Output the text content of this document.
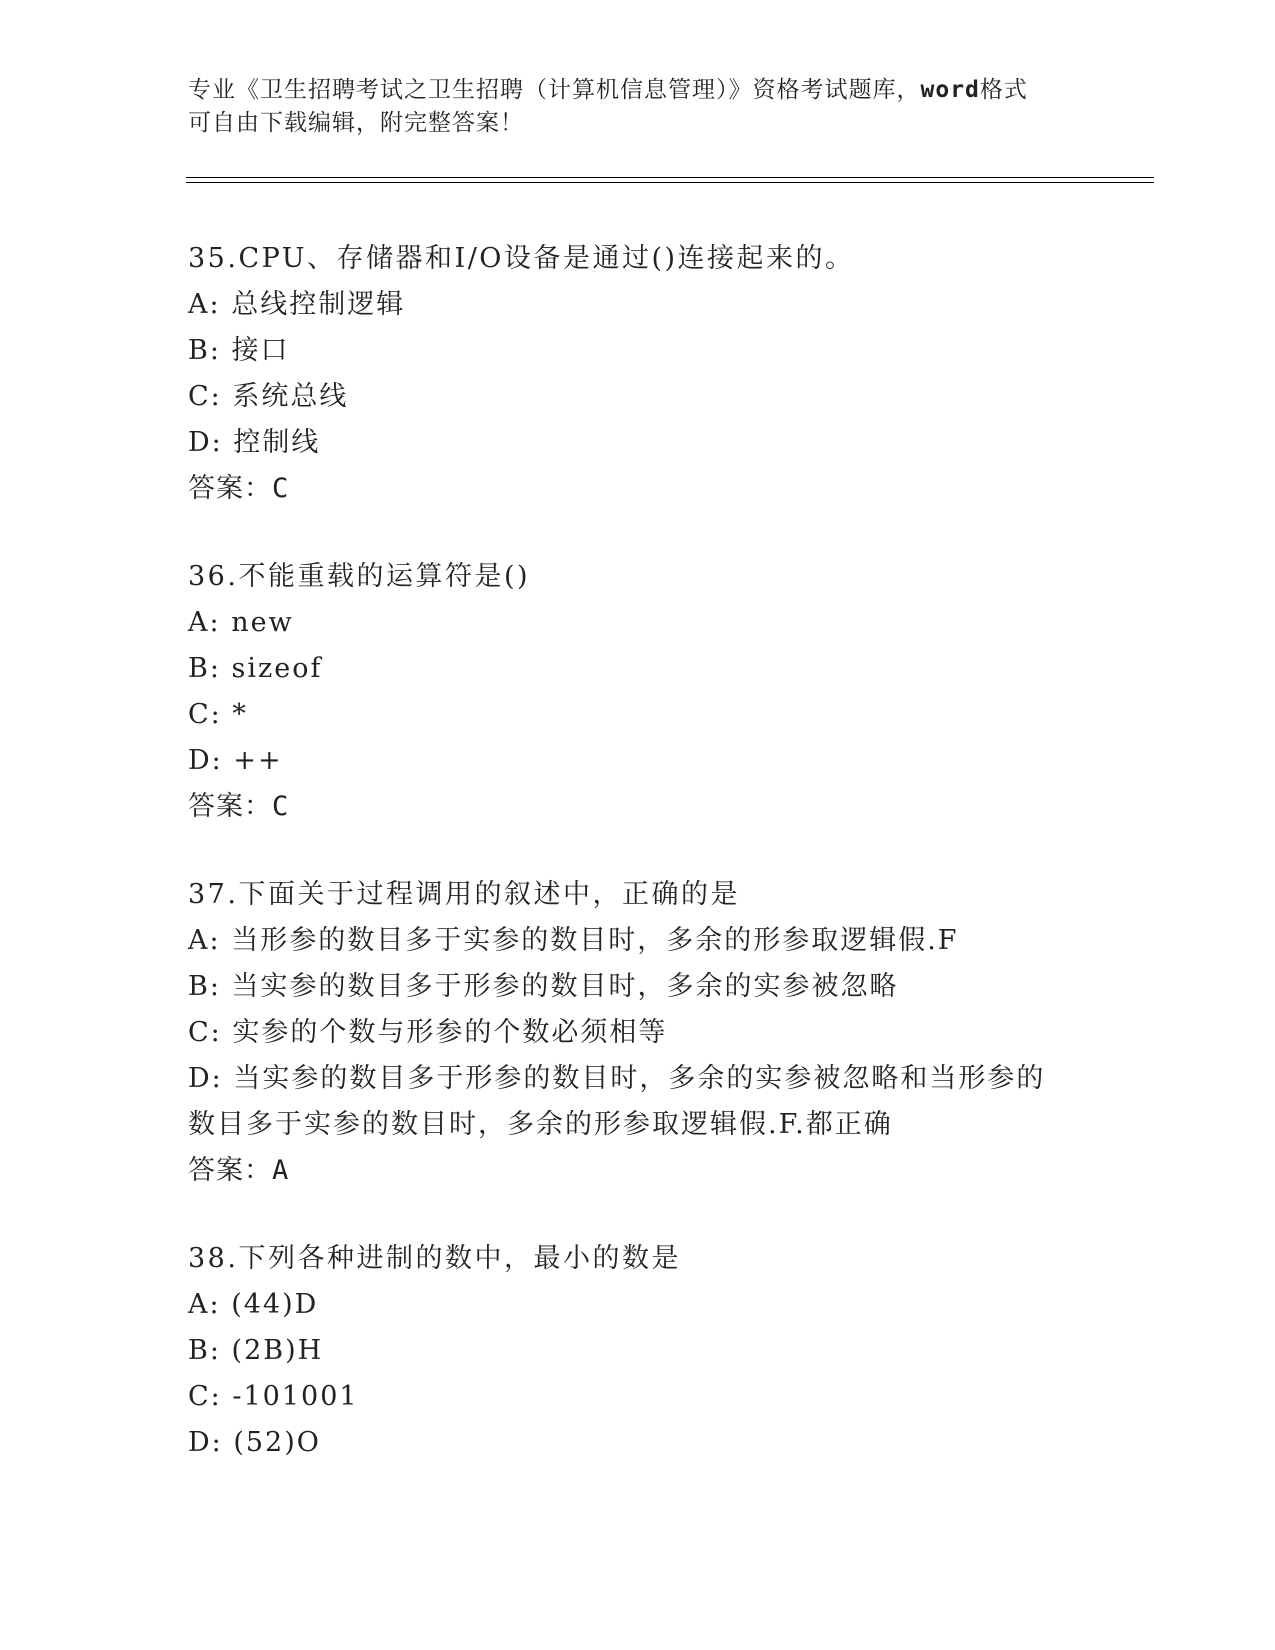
专业《卫生招聘考试之卫生招聘（计算机信息管理）》资格考试题库，word格式
可自由下载编辑，附完整答案！
35.CPU、存储器和I/O设备是通过()连接起来的。
A: 总线控制逻辑
B: 接口
C: 系统总线
D: 控制线
答案：C
36.不能重载的运算符是()
A: new
B: sizeof
C: *
D: ++
答案：C
37.下面关于过程调用的叙述中，正确的是
A: 当形参的数目多于实参的数目时，多余的形参取逻辑假.F
B: 当实参的数目多于形参的数目时，多余的实参被忽略
C: 实参的个数与形参的个数必须相等
D: 当实参的数目多于形参的数目时，多余的实参被忽略和当形参的数目多于实参的数目时，多余的形参取逻辑假.F.都正确
答案：A
38.下列各种进制的数中，最小的数是
A: (44)D
B: (2B)H
C: -101001
D: (52)O
